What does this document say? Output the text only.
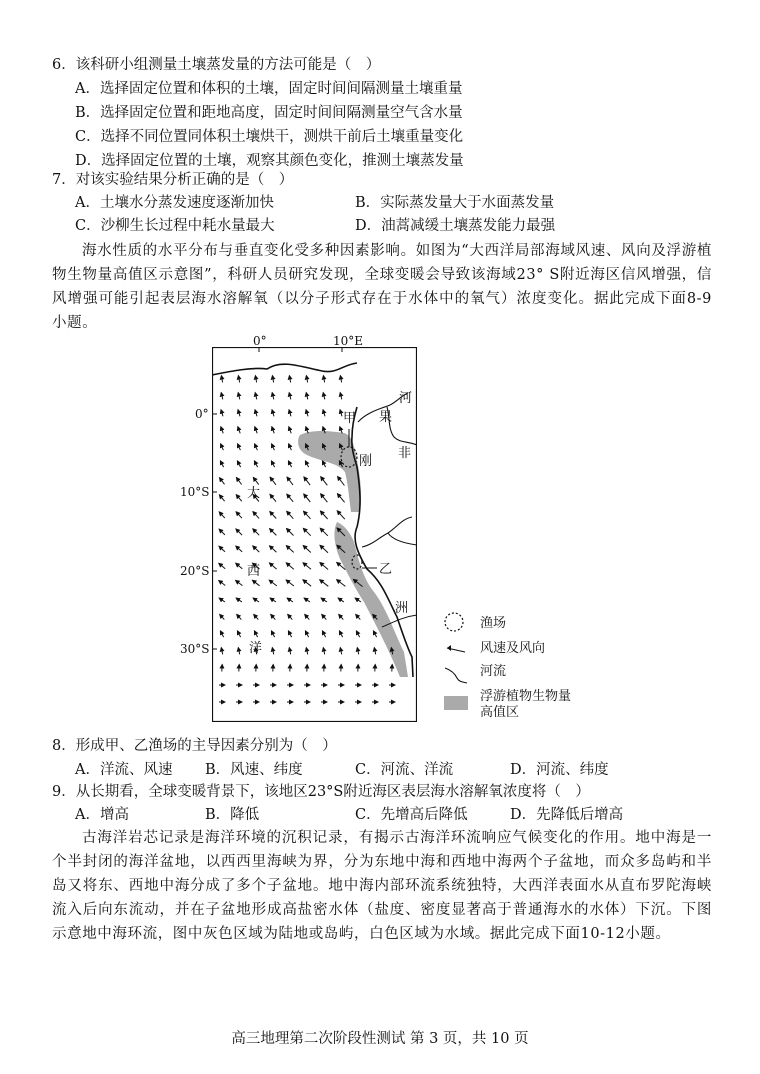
6．该科研小组测量土壤蒸发量的方法可能是（　）
A．选择固定位置和体积的土壤，固定时间间隔测量土壤重量
B．选择固定位置和距地高度，固定时间间隔测量空气含水量
C．选择不同位置同体积土壤烘干，测烘干前后土壤重量变化
D．选择固定位置的土壤，观察其颜色变化，推测土壤蒸发量
7．对该实验结果分析正确的是（　）
A．土壤水分蒸发速度逐渐加快	B．实际蒸发量大于水面蒸发量
C．沙柳生长过程中耗水量最大	D．油蒿减缓土壤蒸发能力最强

海水性质的水平分布与垂直变化受多种因素影响。如图为“大西洋局部海域风速、风向及浮游植物生物量高值区示意图”，科研人员研究发现，全球变暖会导致该海域23° S附近海区信风增强，信风增强可能引起表层海水溶解氧（以分子形式存在于水体中的氧气）浓度变化。据此完成下面8-9 小题。

大
西
洋
刚
果
河
非
洲
甲
乙
0°	10°E
0°
10°S
20°S
30°S
渔场
风速及风向
河流
浮游植物生物量
高值区
8．形成甲、乙渔场的主导因素分别为（　）
A．洋流、风速 B．风速、纬度	C．河流、洋流	D．河流、纬度
9．从长期看，全球变暖背景下，该地区23°S附近海区表层海水溶解氧浓度将（　）
A．增高	B．降低	C．先增高后降低	D．先降低后增高

古海洋岩芯记录是海洋环境的沉积记录，有揭示古海洋环流响应气候变化的作用。地中海是一个半封闭的海洋盆地，以西西里海峡为界，分为东地中海和西地中海两个子盆地，而众多岛屿和半岛又将东、西地中海分成了多个子盆地。地中海内部环流系统独特，大西洋表面水从直布罗陀海峡流入后向东流动，并在子盆地形成高盐密水体（盐度、密度显著高于普通海水的水体）下沉。下图示意地中海环流，图中灰色区域为陆地或岛屿，白色区域为水域。据此完成下面10-12小题。

高三地理第二次阶段性测试 第 3 页，共 10 页
